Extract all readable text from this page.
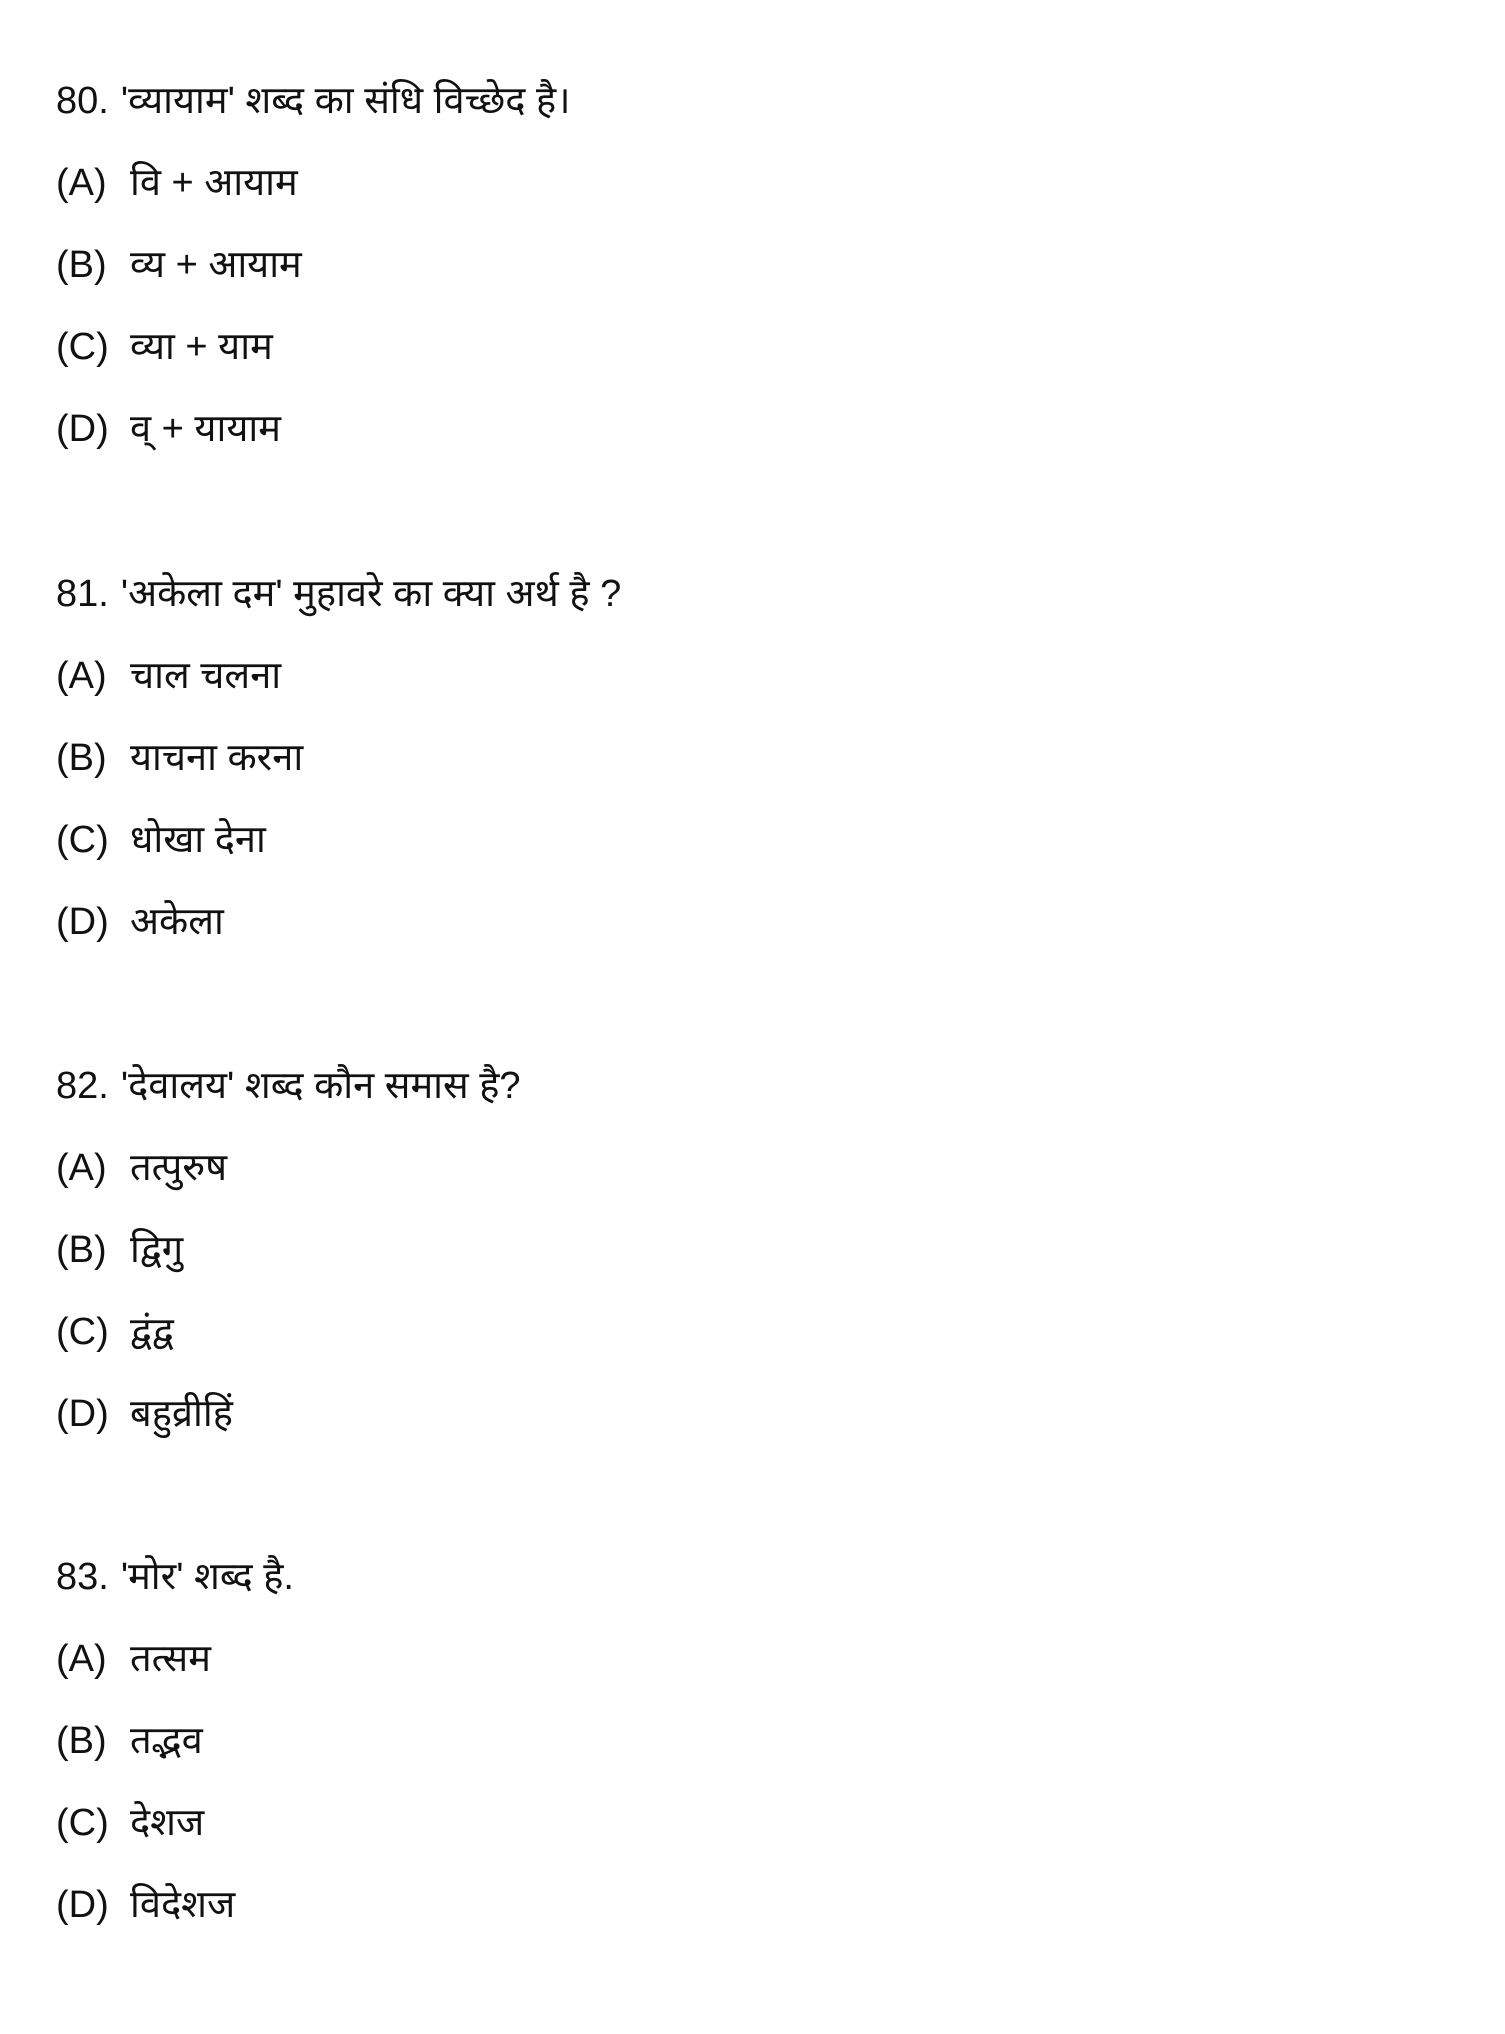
80. 'व्यायाम' शब्द का संधि विच्छेद है।
(A) वि + आयाम
(B) व्य + आयाम
(C) व्या + याम
(D) व् + यायाम
81. 'अकेला दम' मुहावरे का क्या अर्थ है ?
(A) चाल चलना
(B) याचना करना
(C) धोखा देना
(D) अकेला
82. 'देवालय' शब्द कौन समास है?
(A) तत्पुरुष
(B) द्विगु
(C) द्वंद्व
(D) बहुव्रीहिं
83. 'मोर' शब्द है.
(A) तत्सम
(B) तद्भव
(C) देशज
(D) विदेशज
